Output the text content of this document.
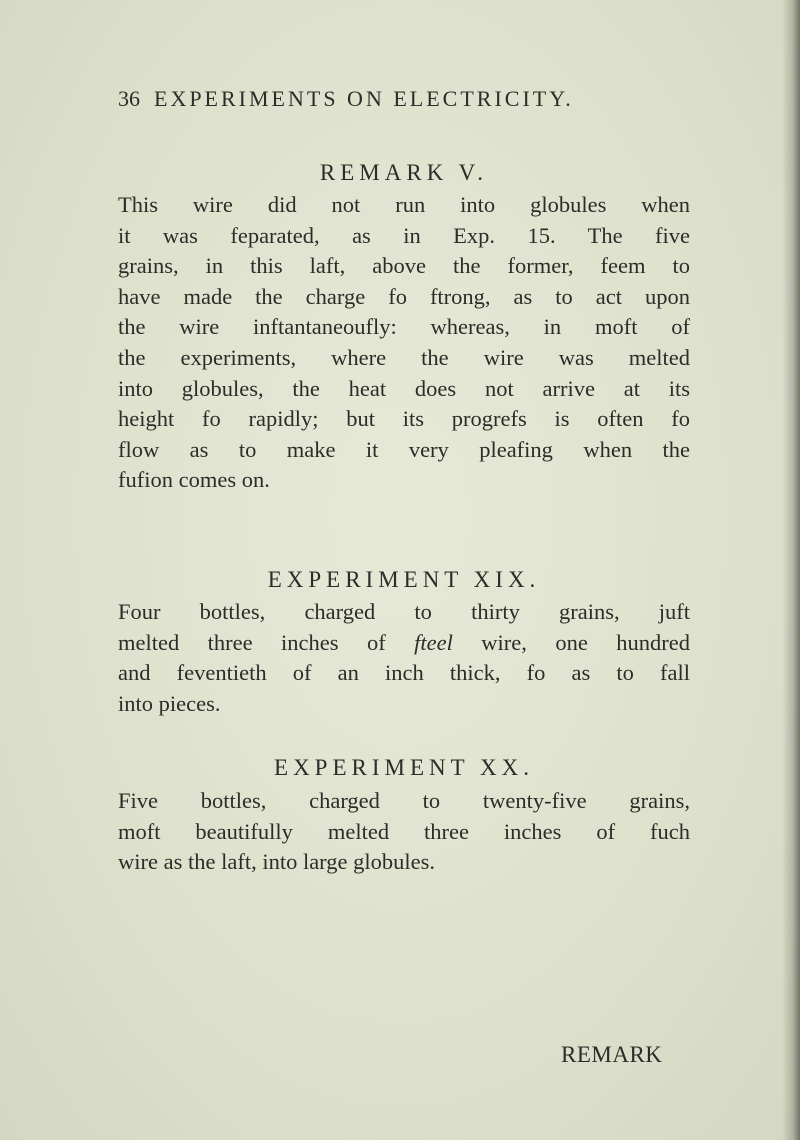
36 EXPERIMENTS ON ELECTRICITY.
REMARK V.

This wire did not run into globules when
it was feparated, as in Exp. 15. The five
grains, in this laft, above the former, feem to
have made the charge fo ftrong, as to act upon
the wire inftantaneoufly: whereas, in moft of
the experiments, where the wire was melted
into globules, the heat does not arrive at its
height fo rapidly; but its progrefs is often fo
flow as to make it very pleafing when the
fufion comes on.

EXPERIMENT XIX.

Four bottles, charged to thirty grains, juft
melted three inches of fteel wire, one hundred
and feventieth of an inch thick, fo as to fall
into pieces.

EXPERIMENT XX.

Five bottles, charged to twenty-five grains,
moft beautifully melted three inches of fuch
wire as the laft, into large globules.

REMARK
